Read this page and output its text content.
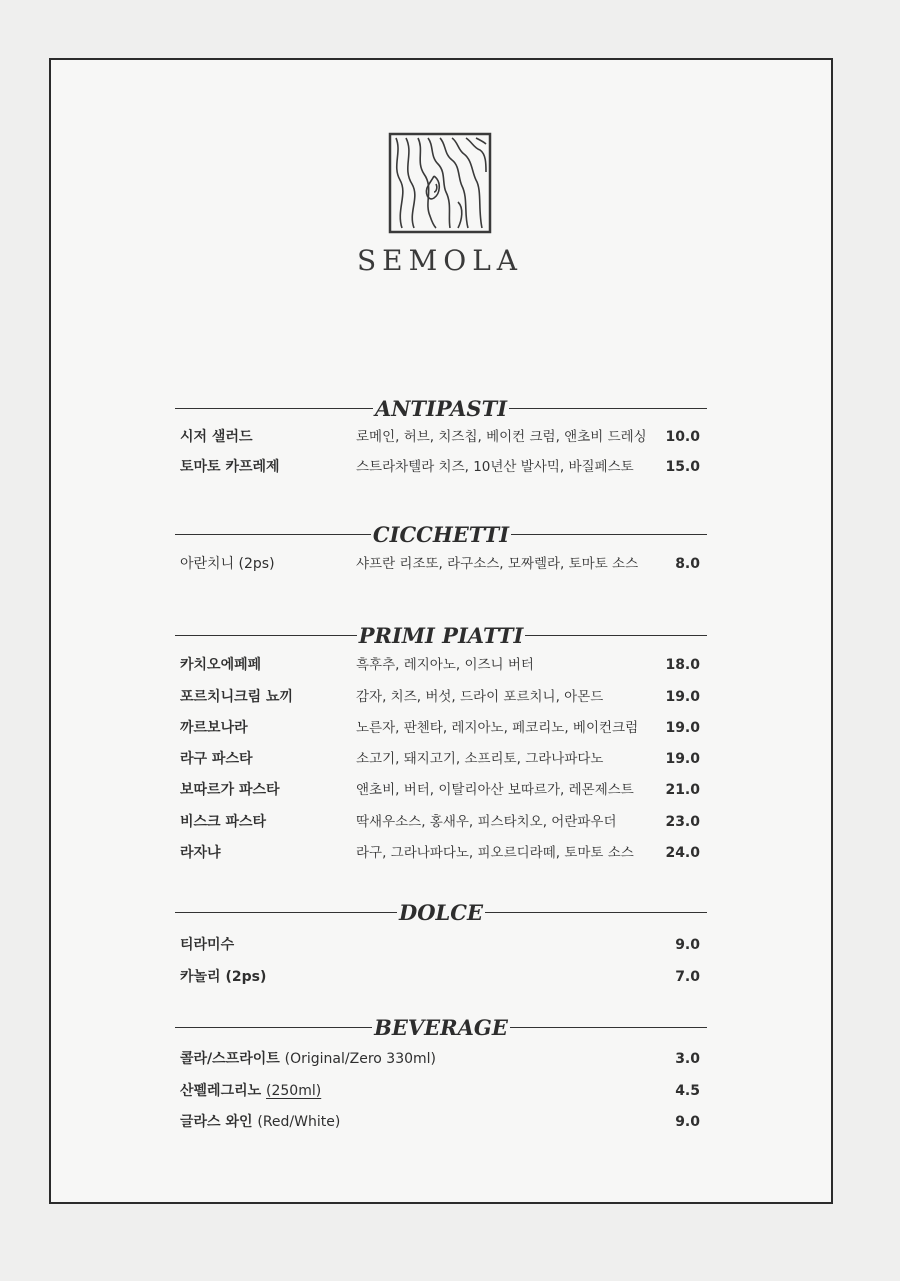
SEMOLA
ANTIPASTI
시저 샐러드	로메인, 허브, 치즈칩, 베이컨 크럼, 앤초비 드레싱 10.0
토마토 카프레제	스트라차텔라 치즈, 10년산 발사믹, 바질페스토 15.0
CICCHETTI
아란치니 (2ps)	샤프란 리조또, 라구소스, 모짜렐라, 토마토 소스	8.0
PRIMI PIATTI
카치오에페페	흑후추, 레지아노, 이즈니 버터	18.0
포르치니크림 뇨끼	감자, 치즈, 버섯, 드라이 포르치니, 아몬드	19.0
까르보나라	노른자, 판첸타, 레지아노, 페코리노, 베이컨크럼 19.0
라구 파스타	소고기, 돼지고기, 소프리토, 그라나파다노	19.0
보따르가 파스타	앤초비, 버터, 이탈리아산 보따르가, 레몬제스트 21.0
비스크 파스타	딱새우소스, 홍새우, 피스타치오, 어란파우더	23.0
라자냐	라구, 그라나파다노, 피오르디라떼, 토마토 소스 24.0
DOLCE
티라미수	9.0
카놀리 (2ps)	7.0
BEVERAGE
콜라/스프라이트 (Original/Zero 330ml)	3.0
산펠레그리노 (250ml)	4.5
글라스 와인 (Red/White)	9.0
